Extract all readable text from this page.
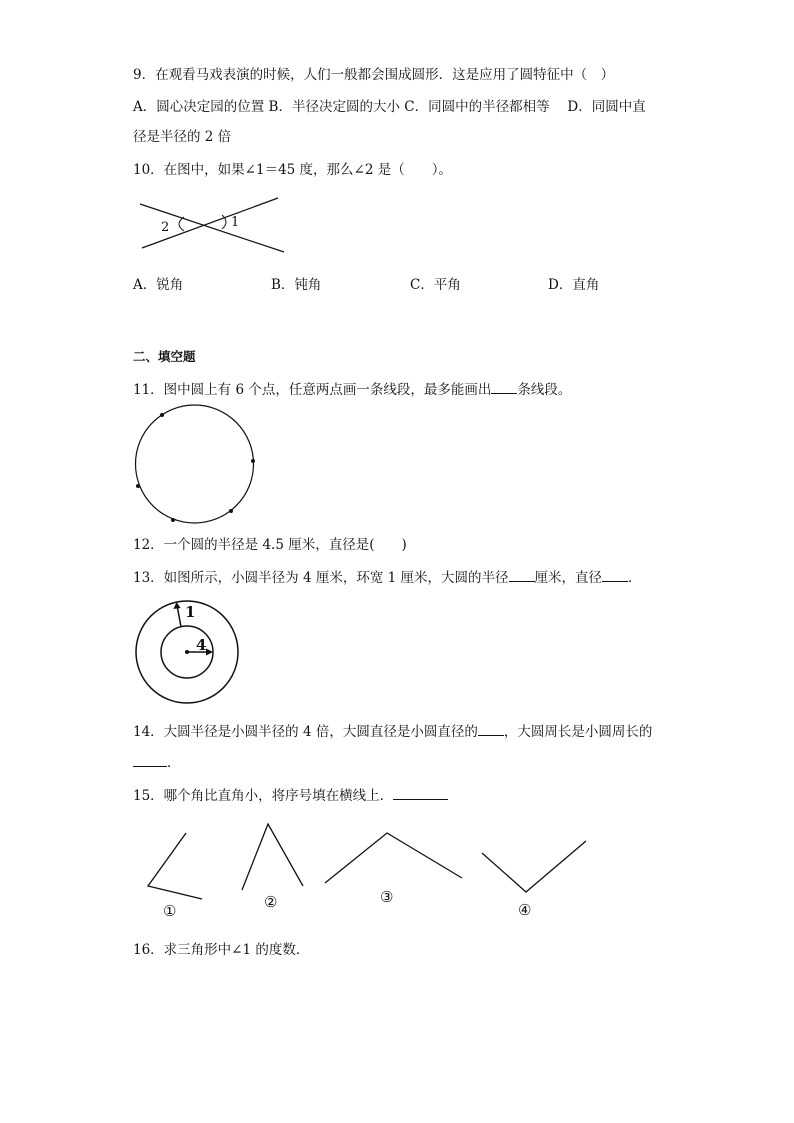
9．在观看马戏表演的时候，人们一般都会围成圆形．这是应用了圆特征中（　）
A．圆心决定园的位置 B．半径决定圆的大小 C．同圆中的半径都相等　 D．同圆中直
径是半径的 2 倍
10．在图中，如果∠1＝45 度，那么∠2 是（　　）。
1
2
A．锐角	B．钝角	C．平角	D．直角
二、填空题
11．图中圆上有 6 个点，任意两点画一条线段，最多能画出 条线段。
12．一个圆的半径是 4.5 厘米，直径是(　　)
13．如图所示，小圆半径为 4 厘米，环宽 1 厘米，大圆的半径 厘米，直径 ．
1
4
14．大圆半径是小圆半径的 4 倍，大圆直径是小圆直径的 ，大圆周长是小圆周长的
．
15．哪个角比直角小，将序号填在横线上．
①	②	③
④
16．求三角形中∠1 的度数．
